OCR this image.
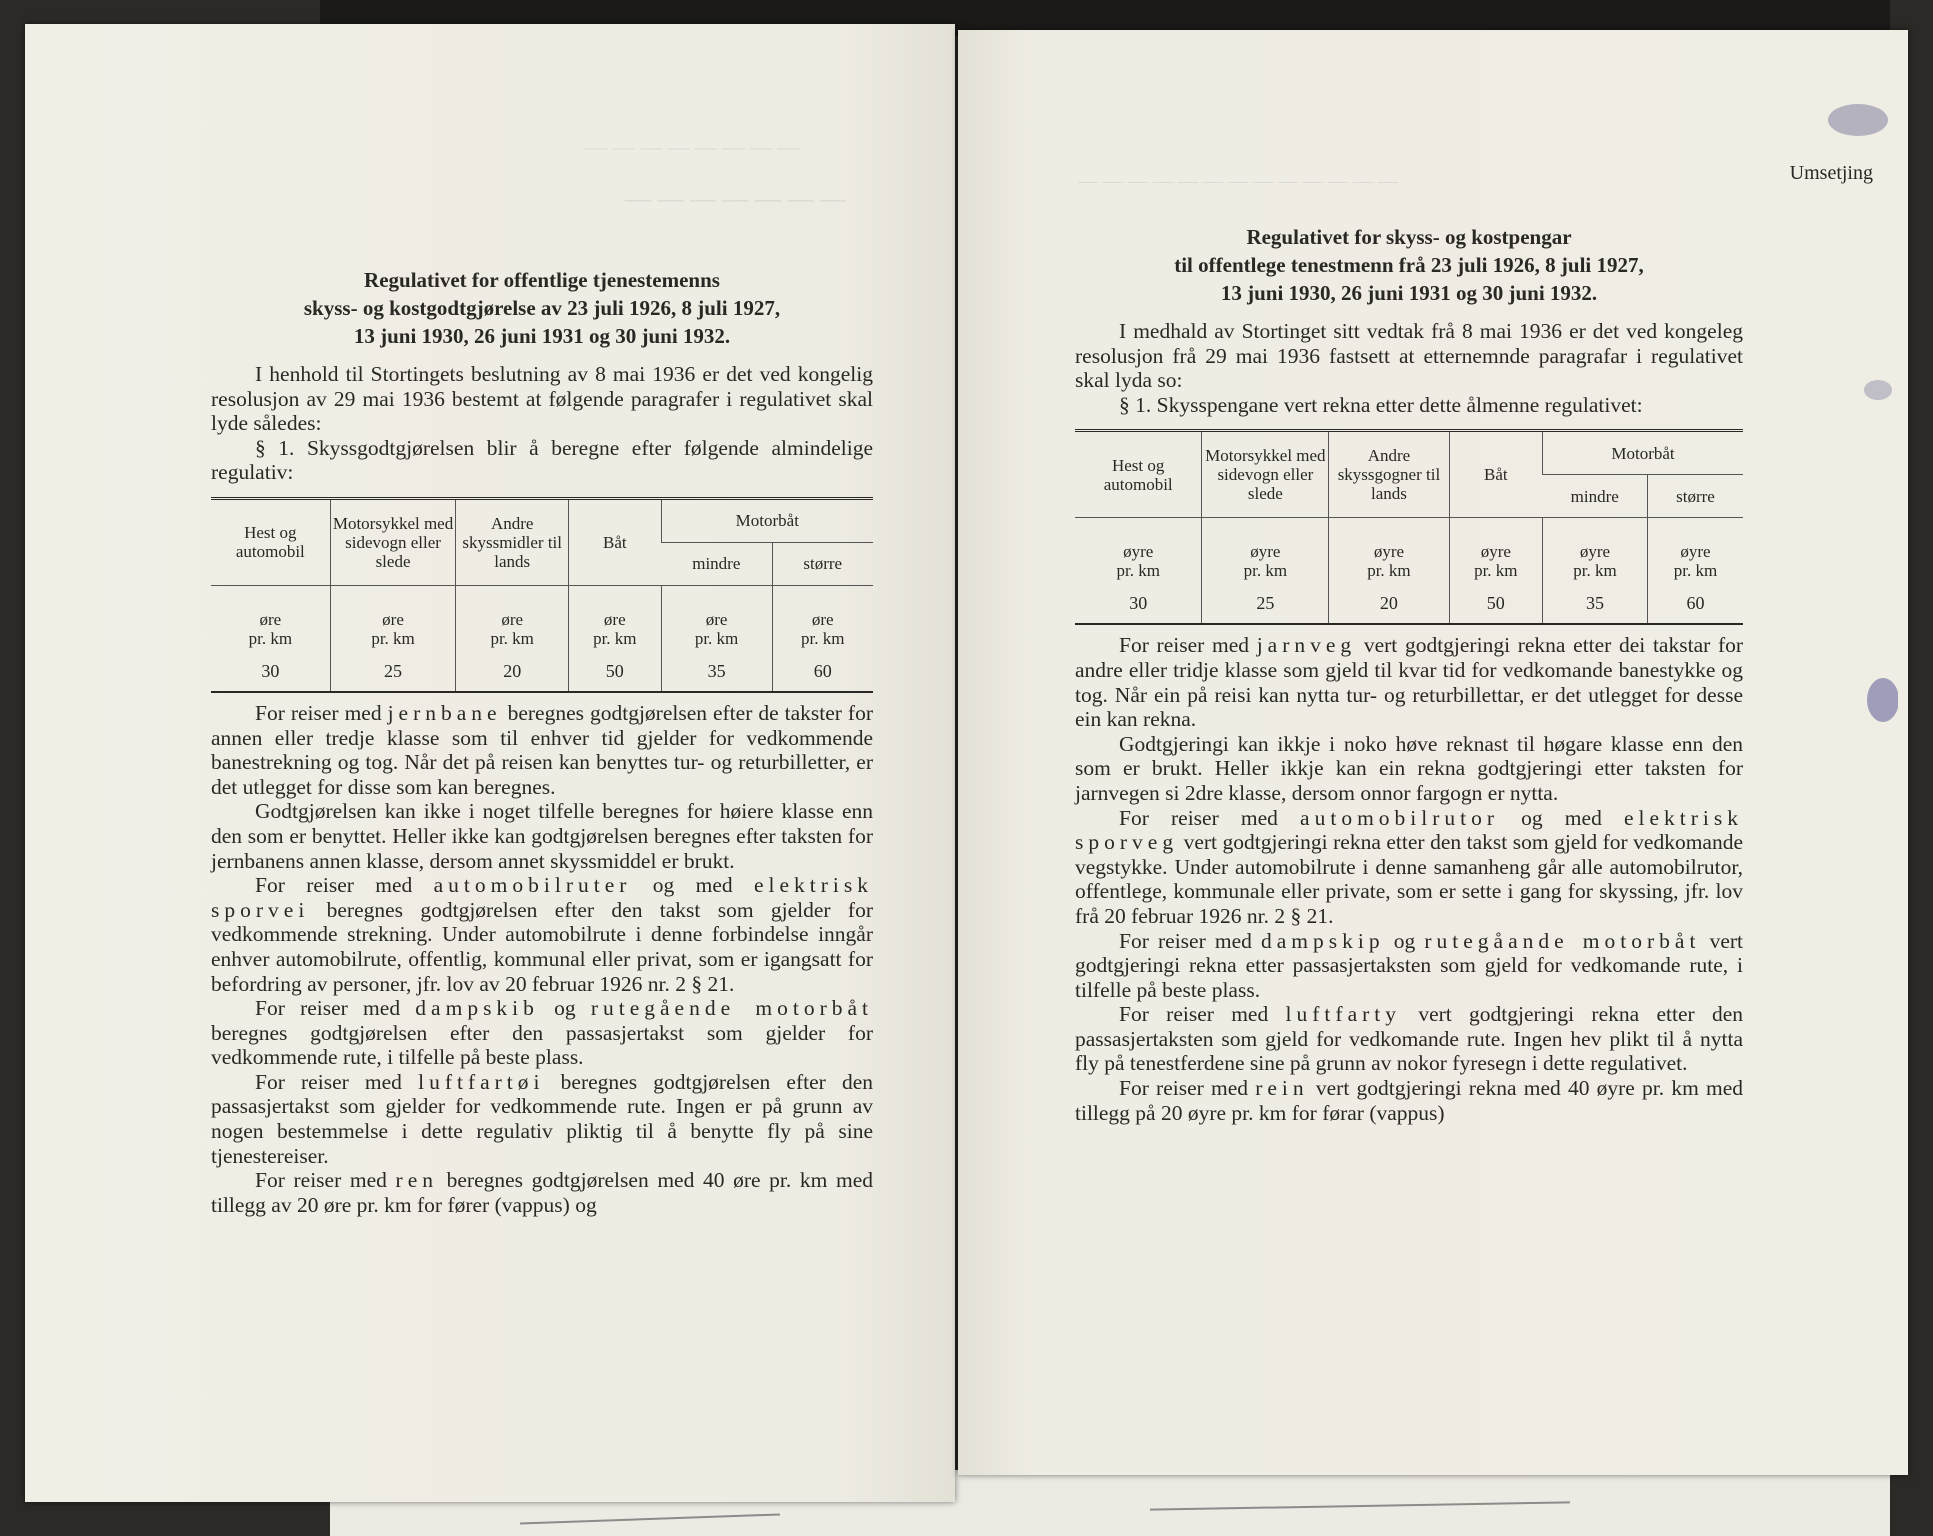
— — — — — — — —
— — — — — — —
Regulativet for offentlige tjenestemenns
skyss- og kostgodtgjørelse av 23 juli 1926, 8 juli 1927,
13 juni 1930, 26 juni 1931 og 30 juni 1932.

I henhold til Stortingets beslutning av 8 mai 1936 er det ved kongelig resolusjon av 29 mai 1936 bestemt at følgende paragrafer i regulativet skal lyde således:

§ 1. Skyssgodtgjørelsen blir å beregne efter følgende almindelige regulativ:

Hest og automobil	Motorsykkel med sidevogn eller slede	Andre skyssmidler til lands	Båt	Motorbåt	
				mindre	større
øre
pr. km	øre
pr. km	øre
pr. km	øre
pr. km	øre
pr. km	øre
pr. km
30	25	20	50	35	60

For reiser med jernbane beregnes godtgjørelsen efter de takster for annen eller tredje klasse som til enhver tid gjelder for vedkommende banestrekning og tog. Når det på reisen kan benyttes tur- og returbilletter, er det utlegget for disse som kan beregnes.

Godtgjørelsen kan ikke i noget tilfelle beregnes for høiere klasse enn den som er benyttet. Heller ikke kan godtgjørelsen beregnes efter taksten for jernbanens annen klasse, dersom annet skyssmiddel er brukt.

For reiser med automobilruter og med elektrisk sporvei beregnes godtgjørelsen efter den takst som gjelder for vedkommende strekning. Under automobilrute i denne forbindelse inngår enhver automobilrute, offentlig, kommunal eller privat, som er igangsatt for befordring av personer, jfr. lov av 20 februar 1926 nr. 2 § 21.

For reiser med dampskib og rutegående motorbåt beregnes godtgjørelsen efter den passasjertakst som gjelder for vedkommende rute, i tilfelle på beste plass.

For reiser med luftfartøi beregnes godtgjørelsen efter den passasjertakst som gjelder for vedkommende rute. Ingen er på grunn av nogen bestemmelse i dette regulativ pliktig til å benytte fly på sine tjenestereiser.

For reiser med ren beregnes godtgjørelsen med 40 øre pr. km med tillegg av 20 øre pr. km for fører (vappus) og

Umsetjing
— — — — — — — — — — — — —
Regulativet for skyss- og kostpengar
til offentlege tenestmenn frå 23 juli 1926, 8 juli 1927,
13 juni 1930, 26 juni 1931 og 30 juni 1932.

I medhald av Stortinget sitt vedtak frå 8 mai 1936 er det ved kongeleg resolusjon frå 29 mai 1936 fastsett at etternemnde paragrafar i regulativet skal lyda so:

§ 1. Skysspengane vert rekna etter dette ålmenne regulativet:

Hest og automobil	Motorsykkel med sidevogn eller slede	Andre skyssgogner til lands	Båt	Motorbåt	
				mindre	større
øyre
pr. km	øyre
pr. km	øyre
pr. km	øyre
pr. km	øyre
pr. km	øyre
pr. km
30	25	20	50	35	60

For reiser med jarnveg vert godtgjeringi rekna etter dei takstar for andre eller tridje klasse som gjeld til kvar tid for vedkomande banestykke og tog. Når ein på reisi kan nytta tur- og returbillettar, er det utlegget for desse ein kan rekna.

Godtgjeringi kan ikkje i noko høve reknast til høgare klasse enn den som er brukt. Heller ikkje kan ein rekna godtgjeringi etter taksten for jarnvegen si 2dre klasse, dersom onnor fargogn er nytta.

For reiser med automobilrutor og med elektrisk sporveg vert godtgjeringi rekna etter den takst som gjeld for vedkomande vegstykke. Under automobilrute i denne samanheng går alle automobilrutor, offentlege, kommunale eller private, som er sette i gang for skyssing, jfr. lov frå 20 februar 1926 nr. 2 § 21.

For reiser med dampskip og rutegåande motorbåt vert godtgjeringi rekna etter passasjertaksten som gjeld for vedkomande rute, i tilfelle på beste plass.

For reiser med luftfarty vert godtgjeringi rekna etter den passasjertaksten som gjeld for vedkomande rute. Ingen hev plikt til å nytta fly på tenestferdene sine på grunn av nokor fyresegn i dette regulativet.

For reiser med rein vert godtgjeringi rekna med 40 øyre pr. km med tillegg på 20 øyre pr. km for førar (vappus)
